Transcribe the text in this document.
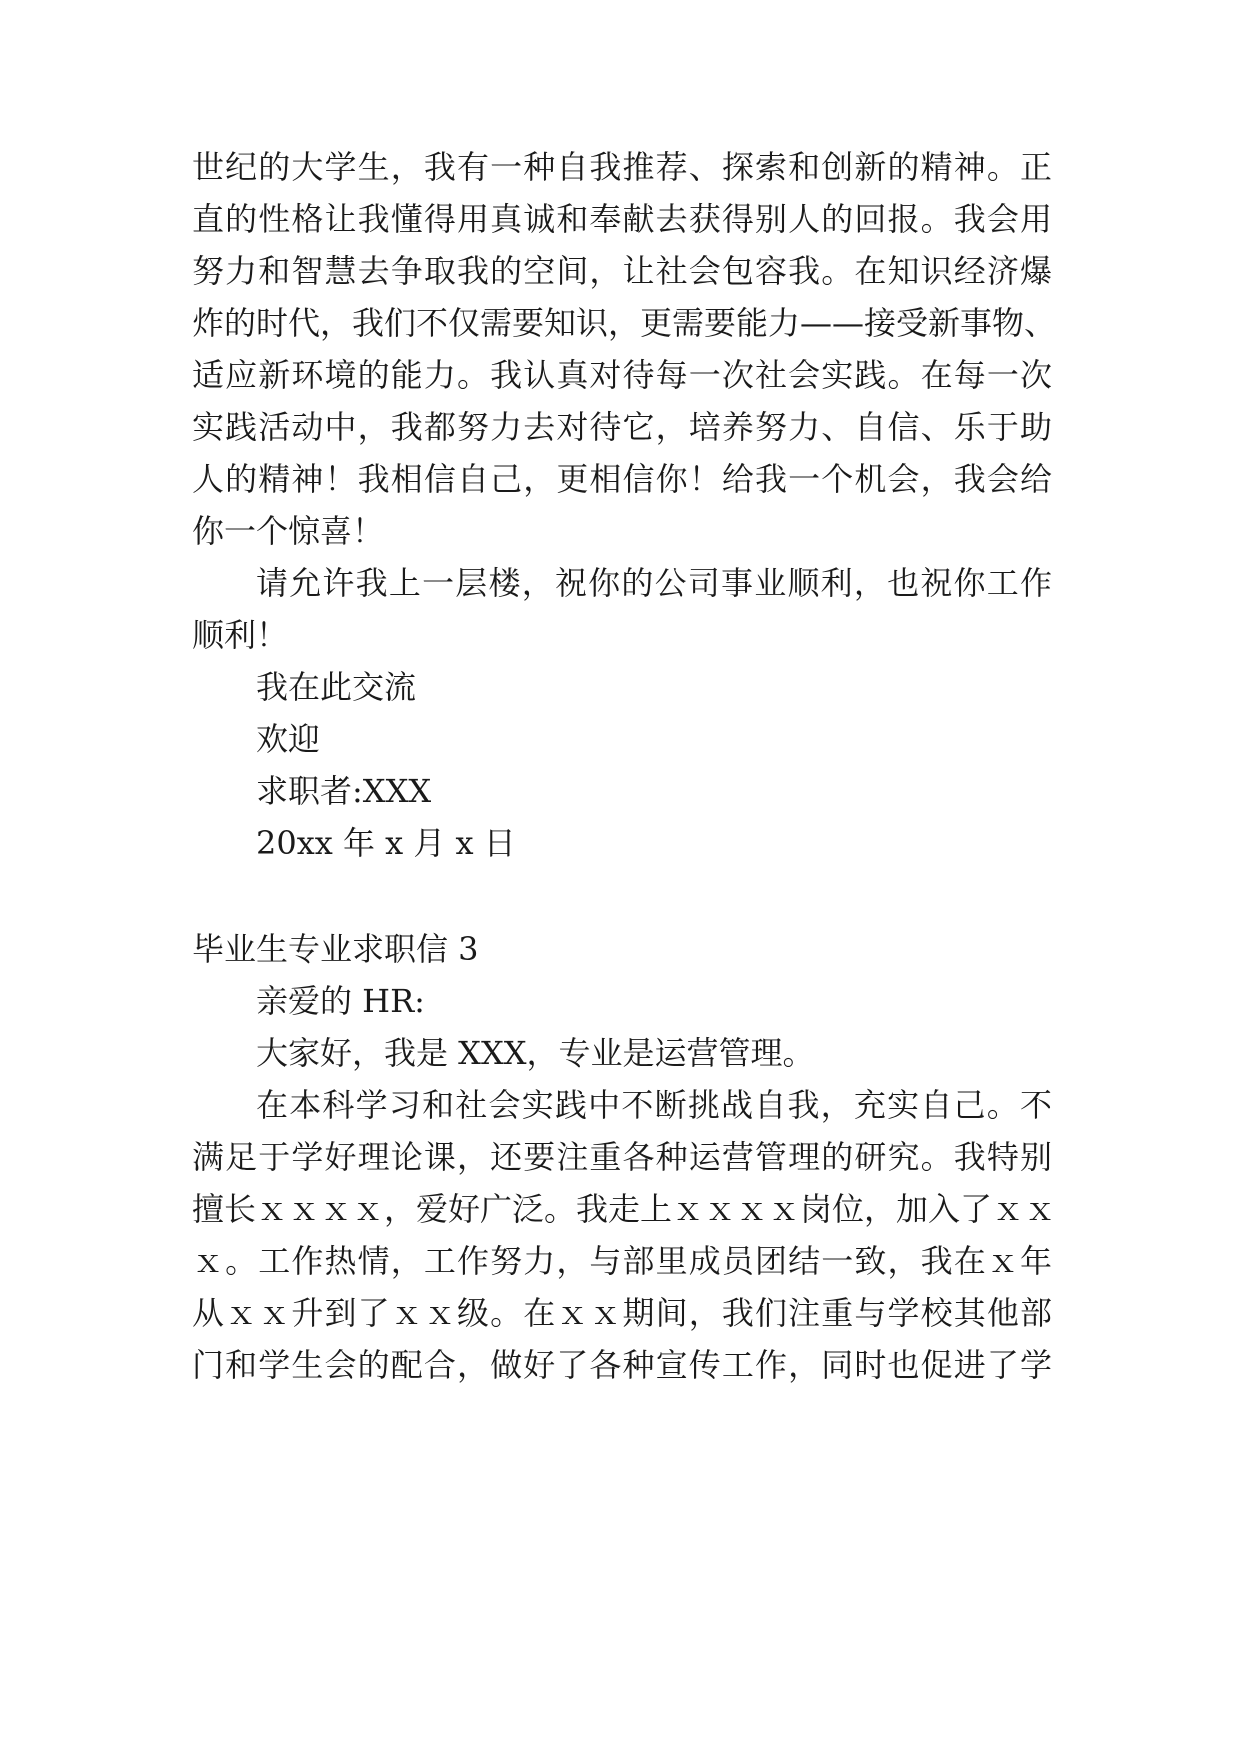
世纪的大学生，我有一种自我推荐、探索和创新的精神。正
直的性格让我懂得用真诚和奉献去获得别人的回报。我会用
努力和智慧去争取我的空间，让社会包容我。在知识经济爆
炸的时代，我们不仅需要知识，更需要能力——接受新事物、
适应新环境的能力。我认真对待每一次社会实践。在每一次
实践活动中，我都努力去对待它，培养努力、自信、乐于助
人的精神！我相信自己，更相信你！给我一个机会，我会给
你一个惊喜！
请允许我上一层楼，祝你的公司事业顺利，也祝你工作
顺利！
我在此交流
欢迎
求职者:XXX
20xx 年 x 月 x 日
毕业生专业求职信 3
亲爱的 HR:
大家好，我是 XXX，专业是运营管理。
在本科学习和社会实践中不断挑战自我，充实自己。不
满足于学好理论课，还要注重各种运营管理的研究。我特别
擅长ｘｘｘｘ，爱好广泛。我走上ｘｘｘｘ岗位，加入了ｘｘ
ｘ。工作热情，工作努力，与部里成员团结一致，我在ｘ年
从ｘｘ升到了ｘｘ级。在ｘｘ期间，我们注重与学校其他部
门和学生会的配合，做好了各种宣传工作，同时也促进了学
